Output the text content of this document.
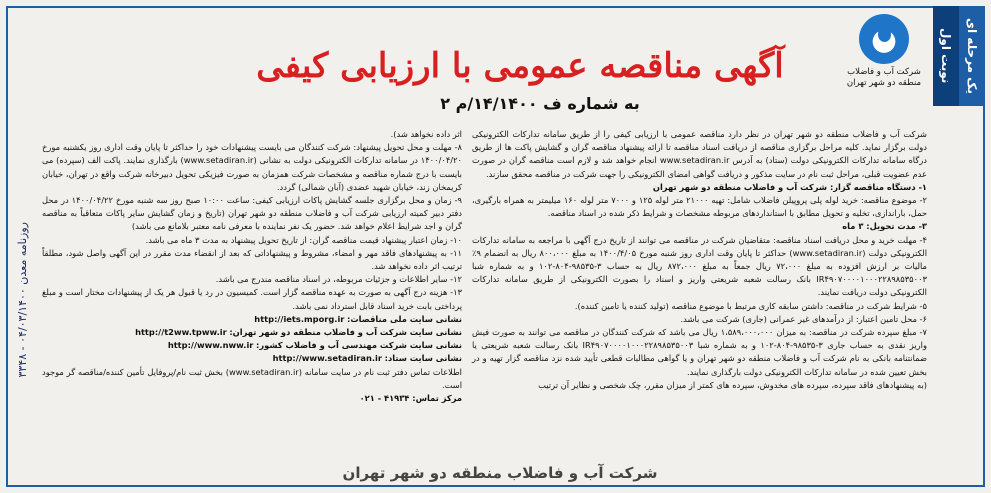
نوبت اول یک مرحله ای
شرکت آب و فاضلاب
منطقه دو شهر تهران
آگهی مناقصه عمومی با ارزیابی کیفی
به شماره ف ۱۴/۱۴۰۰/م ۲
روزنامه معدن ۰۴/۰۳/۱۴۰۰ - ۳۳۴۸

شرکت آب و فاضلاب منطقه دو شهر تهران در نظر دارد مناقصه عمومی با ارزیابی کیفی را از طریق سامانه تدارکات الکترونیکی دولت برگزار نماید. کلیه مراحل برگزاری مناقصه از دریافت اسناد مناقصه تا ارائه پیشنهاد مناقصه گران و گشایش پاکت ها از طریق درگاه سامانه تدارکات الکترونیکی دولت (ستاد) به آدرس www.setadiran.ir انجام خواهد شد و لازم است مناقصه گران در صورت عدم عضویت قبلی، مراحل ثبت نام در سایت مذکور و دریافت گواهی امضای الکترونیکی را جهت شرکت در مناقصه محقق سازند.

۱- دستگاه مناقصه گزار: شرکت آب و فاضلاب منطقه دو شهر تهران

۲- موضوع مناقصه: خرید لوله پلی پروپیلن فاضلاب شامل: تهیه ۲۱۰۰۰ متر لوله ۱۲۵ و ۷۰۰۰ متر لوله ۱۶۰ میلیمتر به همراه بارگیری، حمل، باراندازی، تخلیه و تحویل مطابق با استانداردهای مربوطه مشخصات و شرایط ذکر شده در اسناد مناقصه.

۳- مدت تحویل: ۳ ماه

۴- مهلت خرید و محل دریافت اسناد مناقصه: متقاضیان شرکت در مناقصه می توانند از تاریخ درج آگهی با مراجعه به سامانه تدارکات الکترونیکی دولت (www.setadiran.ir) حداکثر تا پایان وقت اداری روز شنبه مورخ ۱۴۰۰/۴/۰۵ به مبلغ ۸۰۰،۰۰۰ ریال به انضمام ۹٪ مالیات بر ارزش افزوده به مبلغ ۷۲،۰۰۰ ریال جمعاً به مبلغ ۸۷۲،۰۰۰ ریال به حساب ۳-۹۸۵۳۵-۸۰۴-۱۰۲ و به شماره شبا IR۴۹۰۷۰۰۰۰۱۰۰۰۲۲۸۹۸۵۳۵۰۰۳ بانک رسالت شعبه شریعتی واریز و اسناد را بصورت الکترونیکی از طریق سامانه تدارکات الکترونیکی دولت دریافت نمایند.

۵- شرایط شرکت در مناقصه: داشتن سابقه کاری مرتبط با موضوع مناقصه (تولید کننده یا تامین کننده).

۶- محل تامین اعتبار: از درآمدهای غیر عمرانی (جاری) شرکت می باشد.

۷- مبلغ سپرده شرکت در مناقصه: به میزان ۱،۵۸۹،۰۰۰،۰۰۰ ریال می باشد که شرکت کنندگان در مناقصه می توانند به صورت فیش واریز نقدی به حساب جاری ۳-۹۸۵۳۵-۸۰۴-۱۰۲ و به شماره شبا IR۴۹۰۷۰۰۰۰۱۰۰۰۲۲۸۹۸۵۳۵۰۰۳ بانک رسالت شعبه شریعتی یا ضمانتنامه بانکی به نام شرکت آب و فاضلاب منطقه دو شهر تهران و یا گواهی مطالبات قطعی تأیید شده نزد مناقصه گزار تهیه و در بخش تعیین شده در سامانه تدارکات الکترونیکی دولت بارگذاری نمایند.

(به پیشنهادهای فاقد سپرده، سپرده های مخدوش، سپرده های کمتر از میزان مقرر، چک شخصی و نظایر آن ترتیب

اثر داده نخواهد شد).

۸- مهلت و محل تحویل پیشنهاد: شرکت کنندگان می بایست پیشنهادات خود را حداکثر تا پایان وقت اداری روز یکشنبه مورخ ۱۴۰۰/۰۴/۲۰ در سامانه تدارکات الکترونیکی دولت به نشانی (www.setadiran.ir) بارگذاری نمایند. پاکت الف (سپرده) می بایست با درج شماره مناقصه و مشخصات شرکت همزمان به صورت فیزیکی تحویل دبیرخانه شرکت واقع در تهران، خیابان کریمخان زند، خیابان شهید عضدی (آبان شمالی) گردد.

۹- زمان و محل برگزاری جلسه گشایش پاکات ارزیابی کیفی: ساعت ۱۰:۰۰ صبح روز سه شنبه مورخ ۱۴۰۰/۰۴/۲۲ در محل دفتر دبیر کمیته ارزیابی شرکت آب و فاضلاب منطقه دو شهر تهران (تاریخ و زمان گشایش سایر پاکات متعاقباً به مناقصه گران و اجد شرایط اعلام خواهد شد. حضور یک نفر نماینده با معرفی نامه معتبر بلامانع می باشد)

۱۰- زمان اعتبار پیشنهاد قیمت مناقصه گران: از تاریخ تحویل پیشنهاد به مدت ۳ ماه می باشد.

۱۱- به پیشنهادهای فاقد مهر و امضاء، مشروط و پیشنهاداتی که بعد از انقضاء مدت مقرر در این آگهی واصل شود، مطلقاً ترتیب اثر داده نخواهد شد.

۱۲- سایر اطلاعات و جزئیات مربوطه، در اسناد مناقصه مندرج می باشد.

۱۳- هزینه درج آگهی به صورت به عهده مناقصه گزار است. کمیسیون در رد یا قبول هر یک از پیشنهادات مختار است و مبلغ پرداختی بابت خرید اسناد قابل استرداد نمی باشد.

نشانی سایت ملی مناقصات: http://iets.mporg.ir

نشانی سایت شرکت آب و فاضلاب منطقه دو شهر تهران: http://t2ww.tpww.ir

نشانی سایت شرکت مهندسی آب و فاضلاب کشور: http://www.nww.ir

نشانی سایت ستاد: http://www.setadiran.ir

اطلاعات تماس دفتر ثبت نام در سایت سامانه (www.setadiran.ir) بخش ثبت نام/پروفایل تأمین کننده/مناقصه گر موجود است.

مرکز تماس: ۴۱۹۳۴ - ۰۲۱

شرکت آب و فاضلاب منطقه دو شهر تهران
